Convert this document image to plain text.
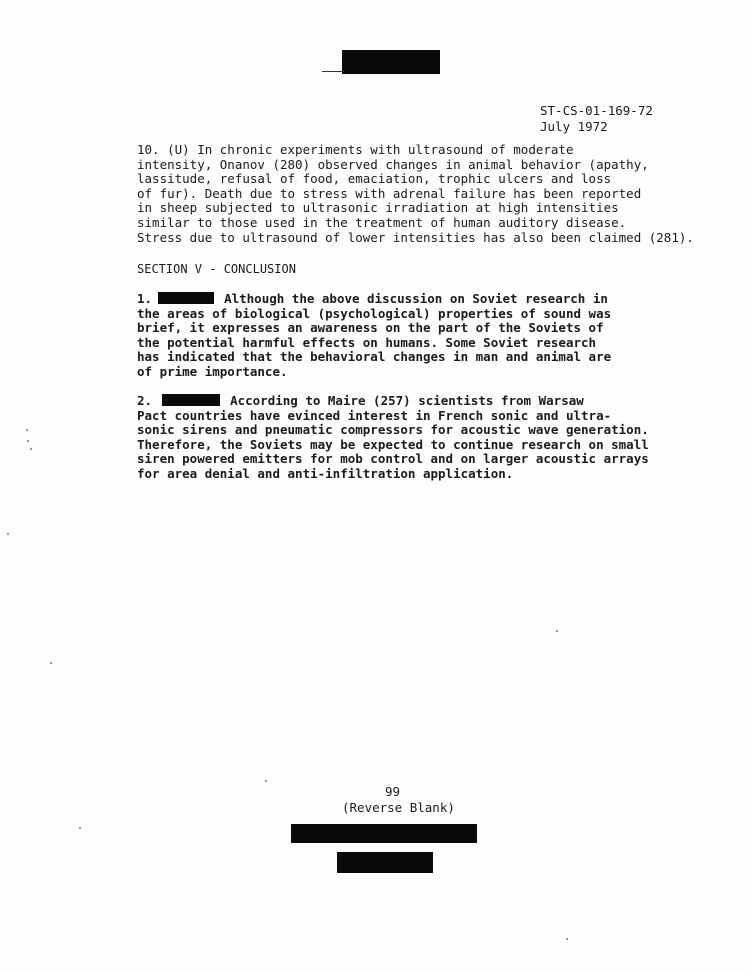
ST-CS-01-169-72
July 1972
10. (U) In chronic experiments with ultrasound of moderate
intensity, Onanov (280) observed changes in animal behavior (apathy,
lassitude, refusal of food, emaciation, trophic ulcers and loss
of fur). Death due to stress with adrenal failure has been reported
in sheep subjected to ultrasonic irradiation at high intensities
similar to those used in the treatment of human auditory disease.
Stress due to ultrasound of lower intensities has also been claimed (281).
SECTION V - CONCLUSION
1.	Although the above discussion on Soviet research in
the areas of biological (psychological) properties of sound was
brief, it expresses an awareness on the part of the Soviets of
the potential harmful effects on humans. Some Soviet research
has indicated that the behavioral changes in man and animal are
of prime importance.
2.	According to Maire (257) scientists from Warsaw
Pact countries have evinced interest in French sonic and ultra-
sonic sirens and pneumatic compressors for acoustic wave generation.
Therefore, the Soviets may be expected to continue research on small
siren powered emitters for mob control and on larger acoustic arrays
for area denial and anti-infiltration application.
99
(Reverse Blank)
